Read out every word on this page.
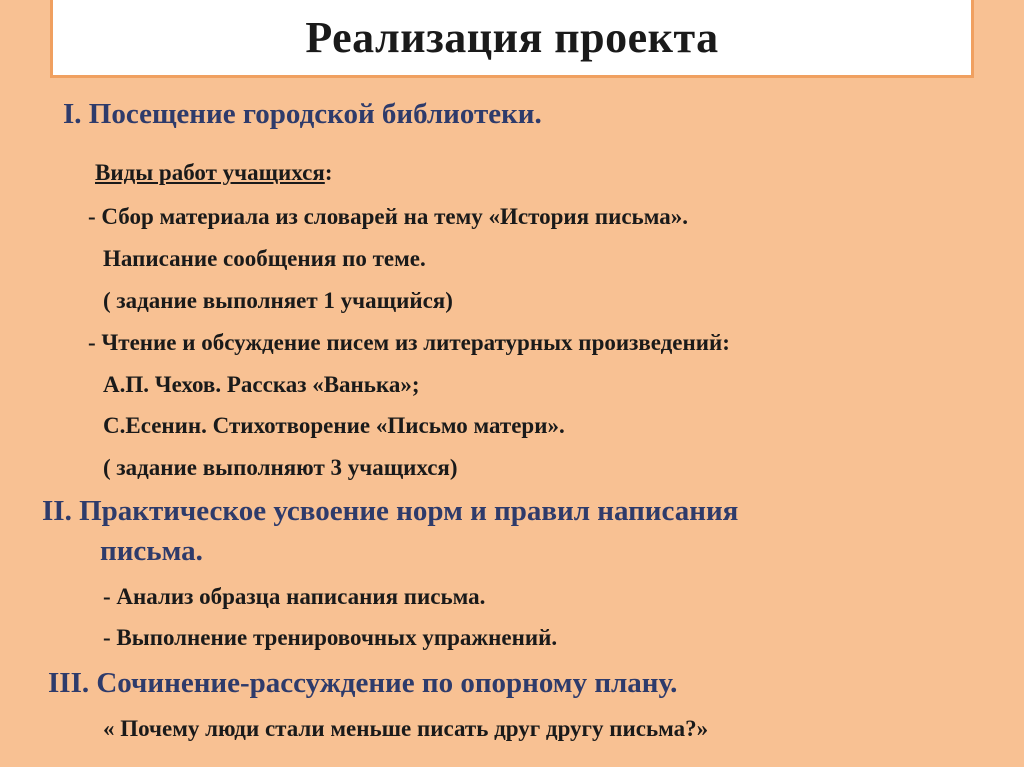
Реализация проекта
I. Посещение городской библиотеки.
Виды работ учащихся:
- Сбор материала из словарей на тему «История письма».
Написание сообщения по теме.
( задание выполняет 1 учащийся)
- Чтение и обсуждение писем из литературных произведений:
А.П. Чехов. Рассказ «Ванька»;
С.Есенин. Стихотворение «Письмо матери».
( задание выполняют 3 учащихся)
II. Практическое усвоение норм и правил написания
письма.
- Анализ образца написания письма.
- Выполнение тренировочных упражнений.
III. Сочинение-рассуждение по опорному плану.
« Почему люди стали меньше писать друг другу письма?»
